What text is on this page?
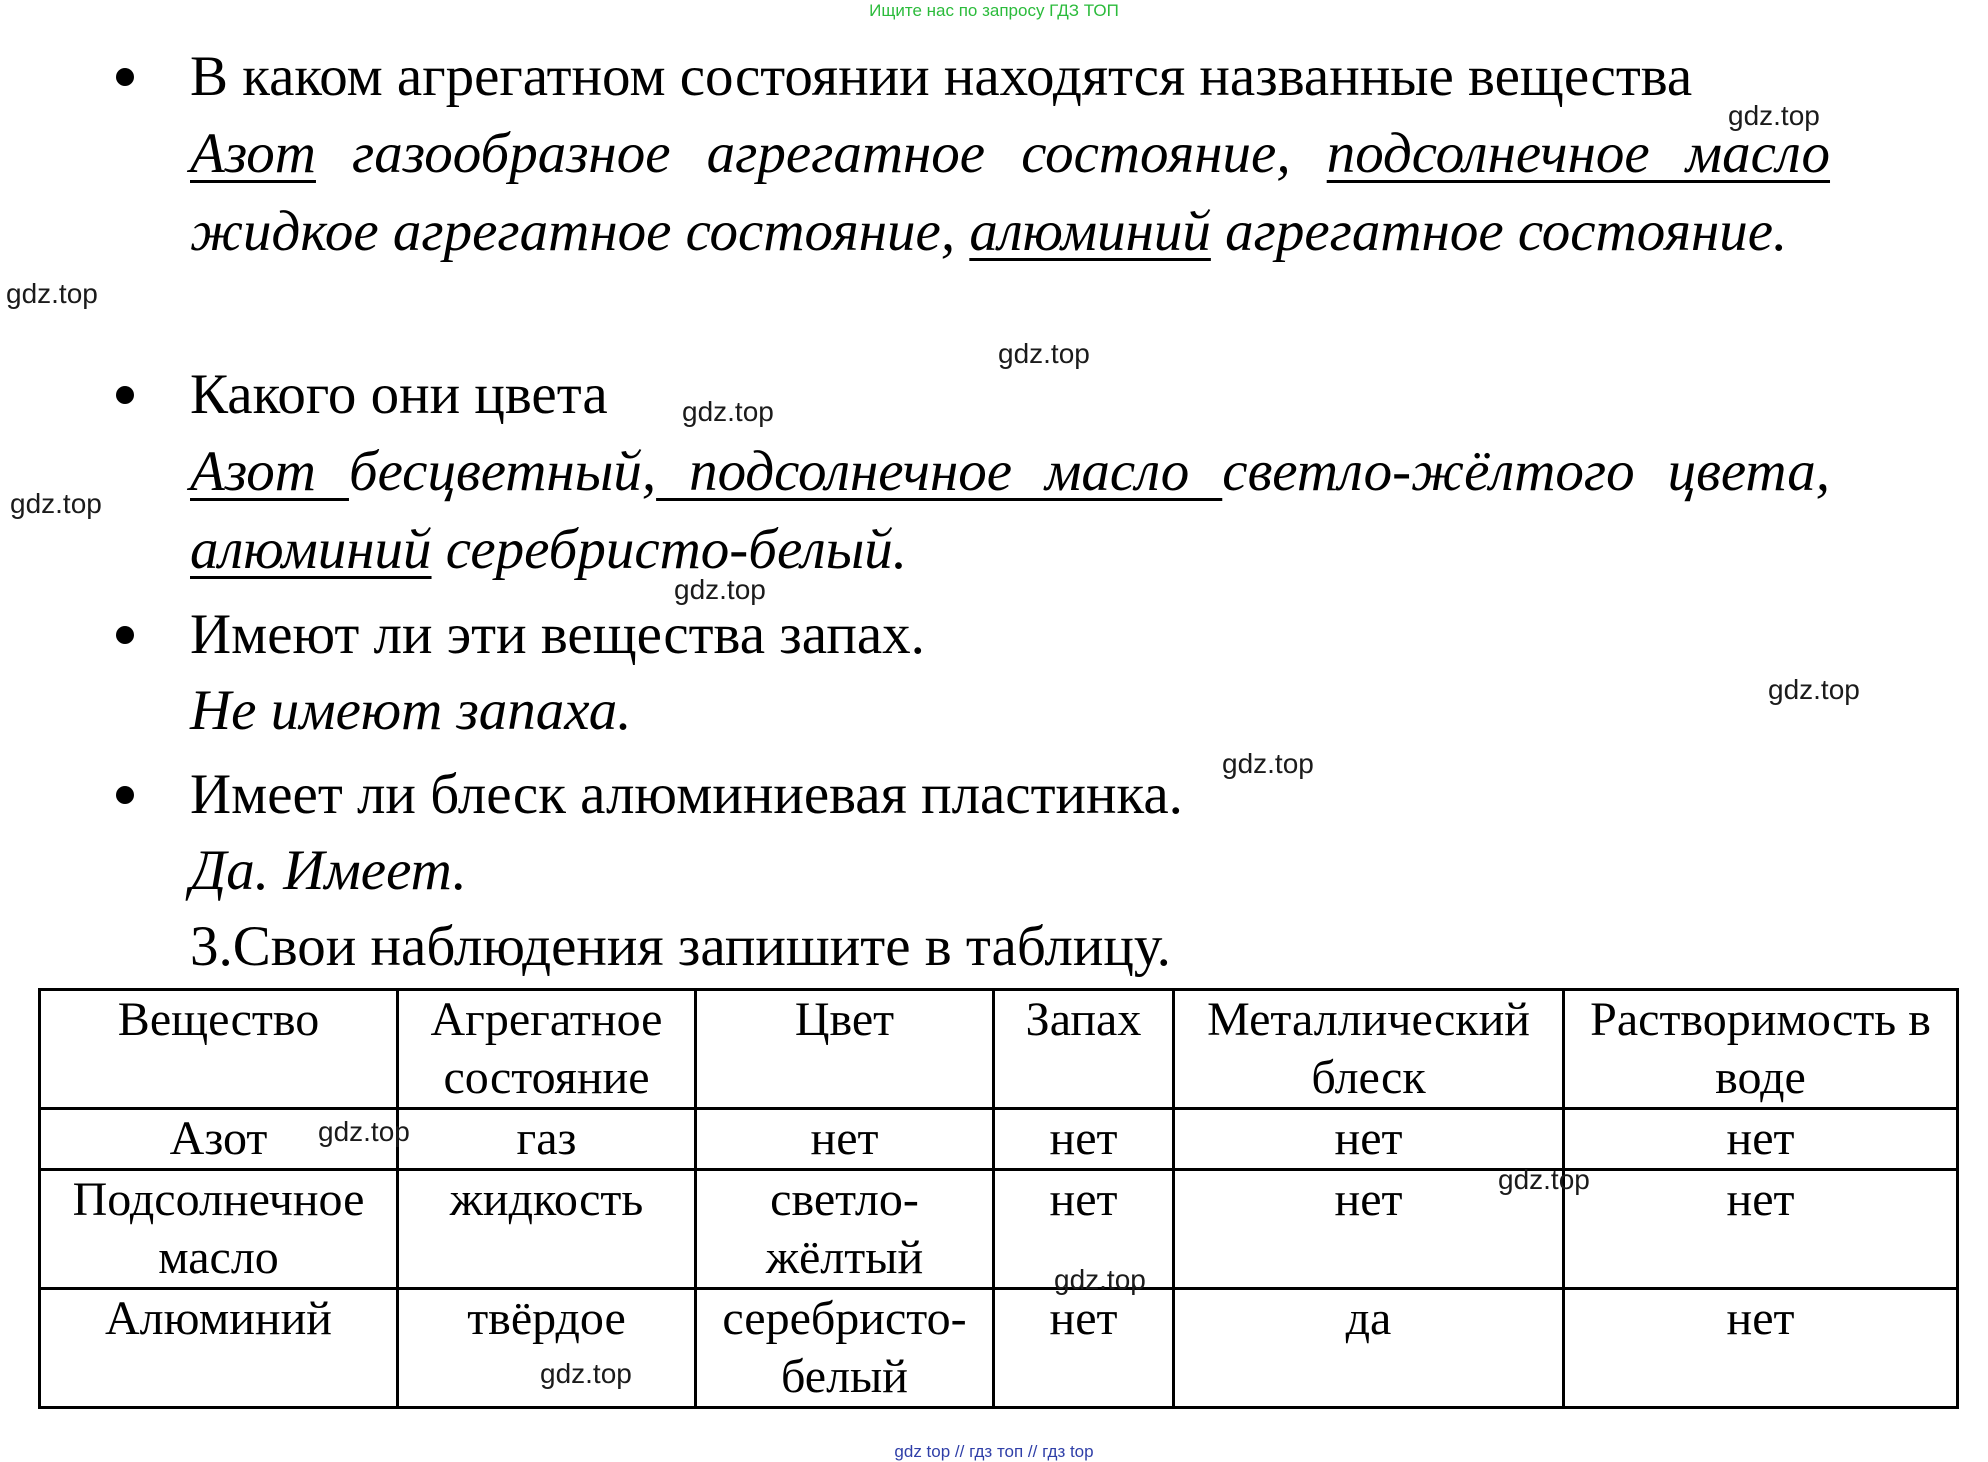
Ищите нас по запросу ГДЗ ТОП
В каком агрегатном состоянии находятся названные вещества
Азот газообразное агрегатное состояние, подсолнечное масло жидкое агрегатное состояние, алюминий агрегатное состояние.
Какого они цвета
Азот бесцветный, подсолнечное масло светло-жёлтого цвета, алюминий серебристо-белый.
Имеют ли эти вещества запах.
Не имеют запаха.
Имеет ли блеск алюминиевая пластинка.
Да. Имеет.
3.Свои наблюдения запишите в таблицу.
Вещество	Агрегатное состояние	Цвет	Запах	Металлический блеск	Растворимость в воде
Азот	газ	нет	нет	нет	нет
Подсолнечное масло	жидкость	светло-жёлтый	нет	нет	нет
Алюминий	твёрдое	серебристо-белый	нет	да	нет
gdz.top
gdz.top
gdz.top
gdz.top
gdz.top
gdz.top
gdz.top
gdz.top
gdz.top
gdz.top
gdz.top
gdz.top
gdz top // гдз топ // гдз top
